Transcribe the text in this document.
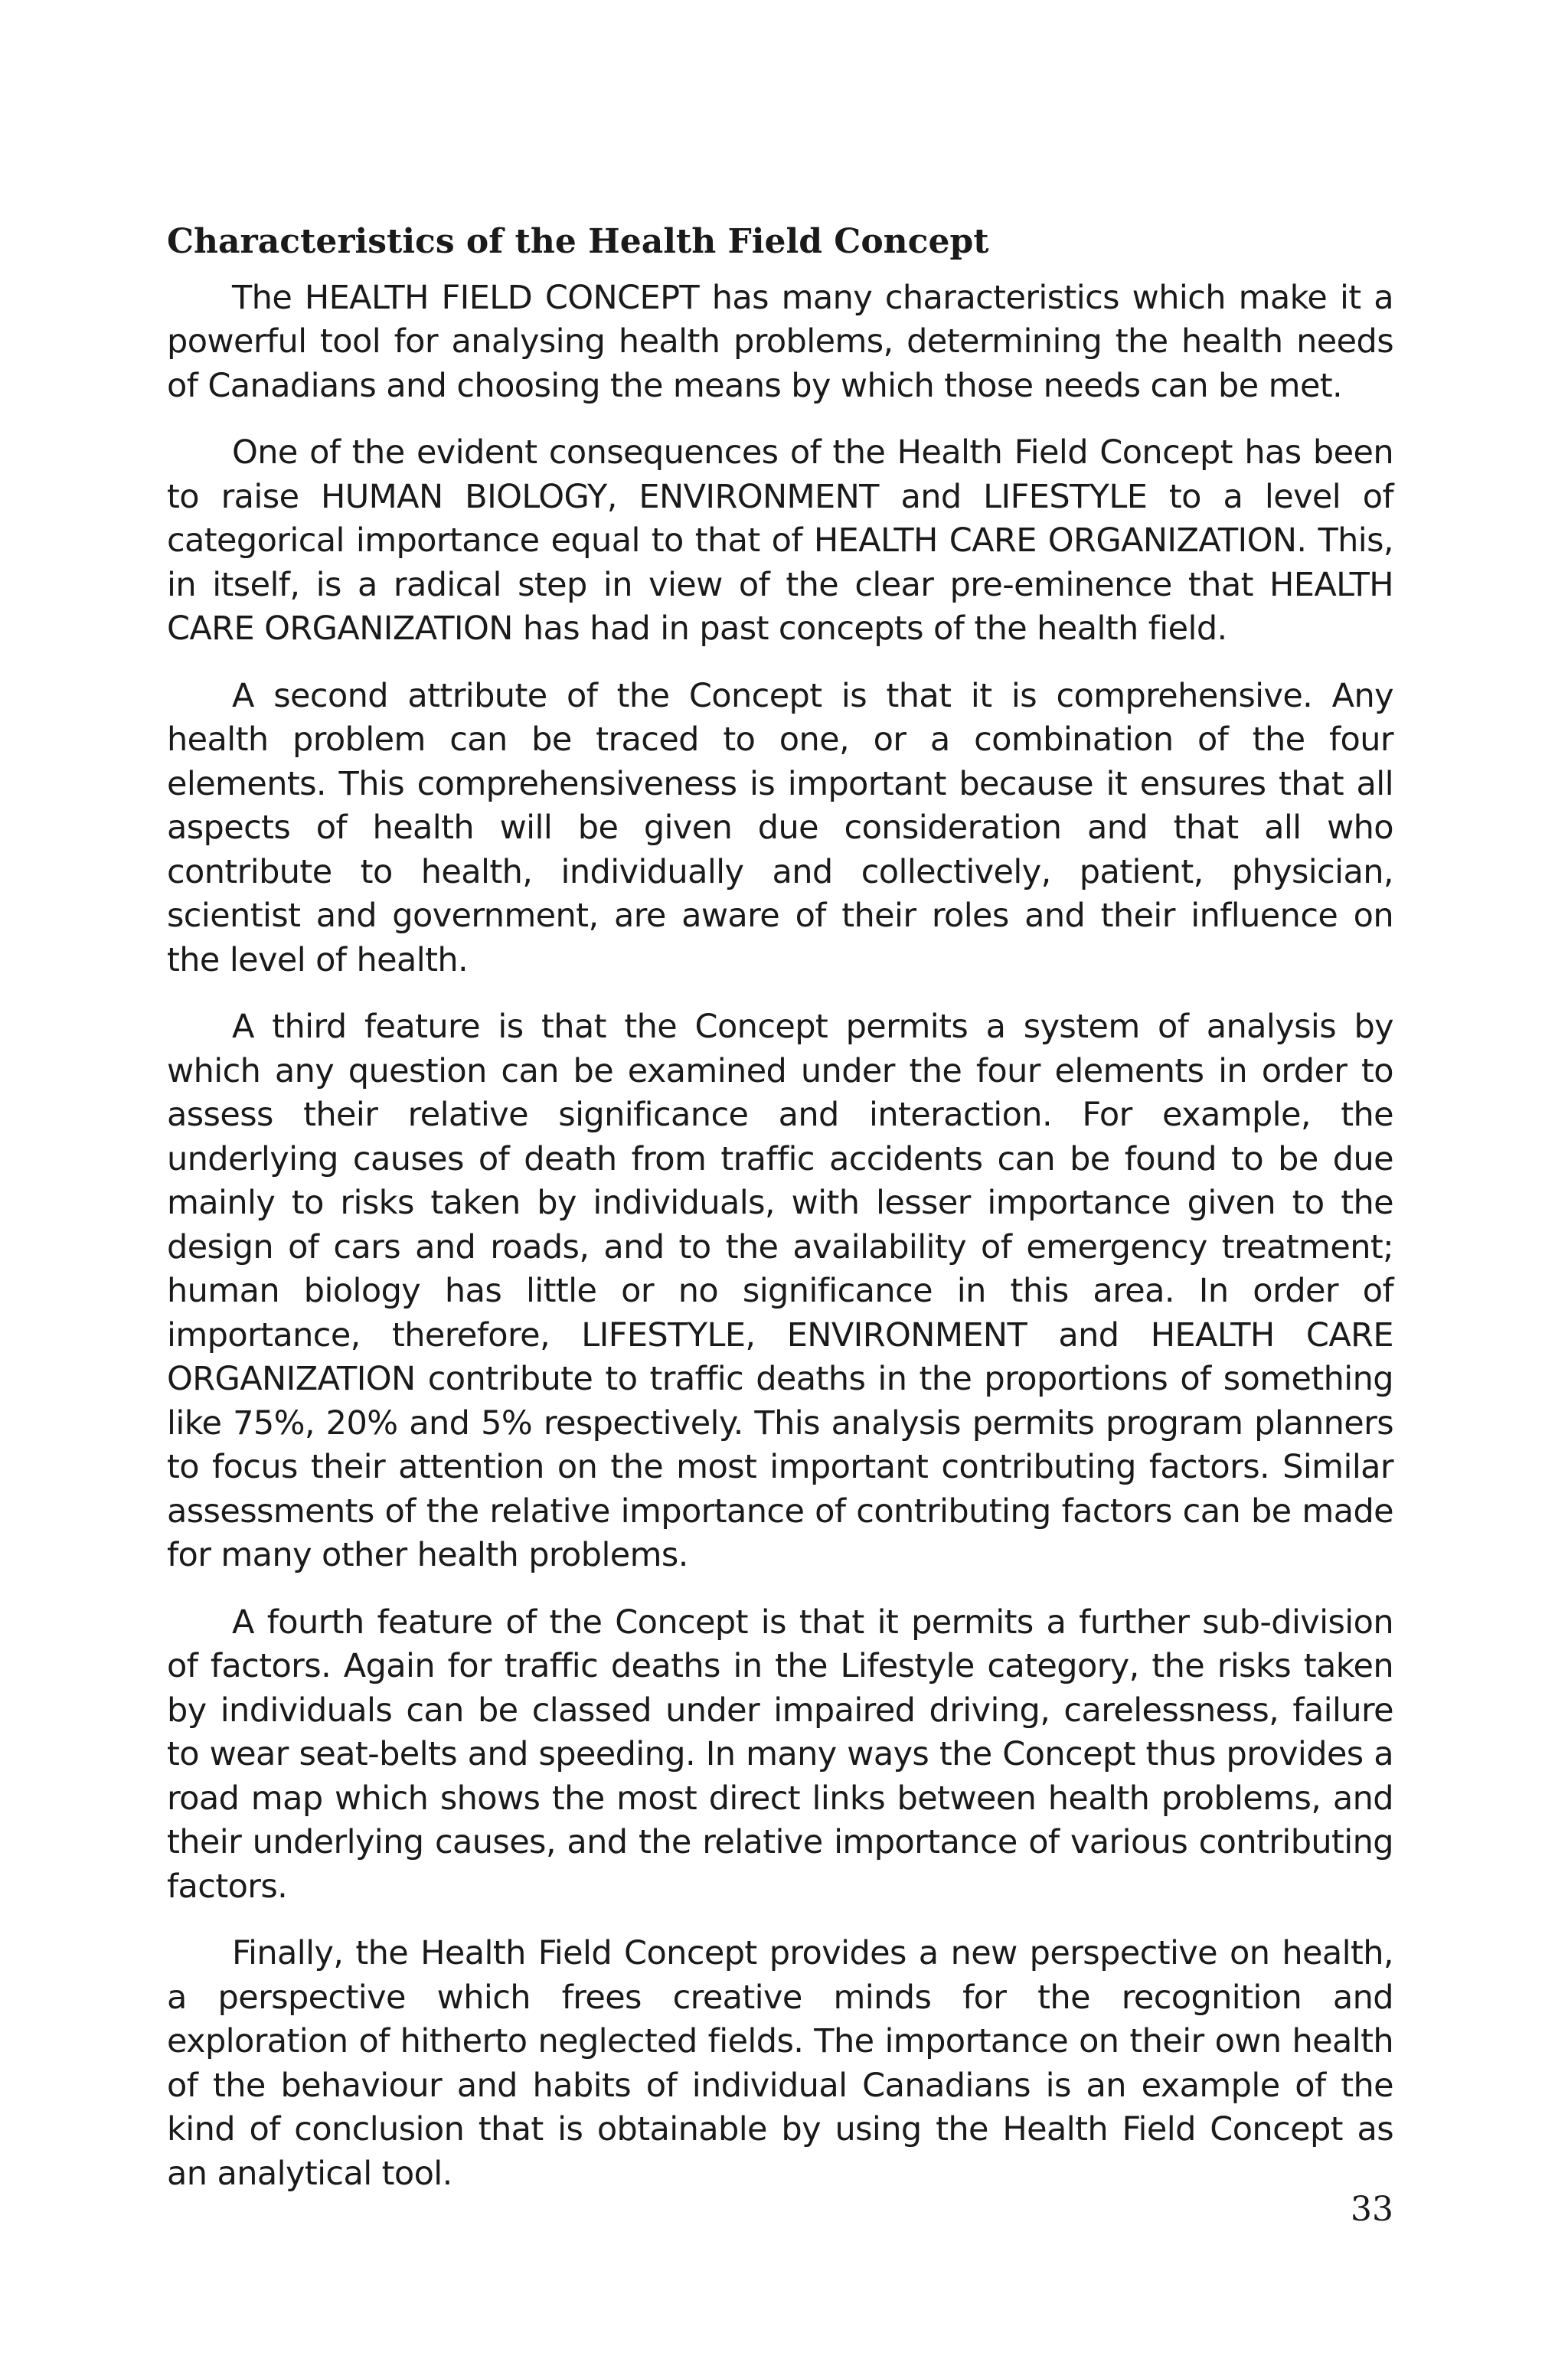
Characteristics of the Health Field Concept

The HEALTH FIELD CONCEPT has many characteristics which make it a powerful tool for analysing health problems, determining the health needs of Canadians and choosing the means by which those needs can be met.

One of the evident consequences of the Health Field Concept has been to raise HUMAN BIOLOGY, ENVIRONMENT and LIFESTYLE to a level of categorical importance equal to that of HEALTH CARE ORGANIZATION. This, in itself, is a radical step in view of the clear pre-eminence that HEALTH CARE ORGANIZATION has had in past concepts of the health field.

A second attribute of the Concept is that it is comprehensive. Any health problem can be traced to one, or a combination of the four elements. This comprehensiveness is important because it ensures that all aspects of health will be given due consideration and that all who contribute to health, individually and collectively, patient, physician, scientist and government, are aware of their roles and their influence on the level of health.

A third feature is that the Concept permits a system of analysis by which any question can be examined under the four elements in order to assess their relative significance and interaction. For example, the underlying causes of death from traffic accidents can be found to be due mainly to risks taken by individuals, with lesser importance given to the design of cars and roads, and to the availability of emergency treatment; human biology has little or no significance in this area. In order of importance, therefore, LIFESTYLE, ENVIRONMENT and HEALTH CARE ORGANIZATION contribute to traffic deaths in the proportions of something like 75%, 20% and 5% respectively. This analysis permits program planners to focus their attention on the most important contributing factors. Similar assessments of the relative importance of contributing factors can be made for many other health problems.

A fourth feature of the Concept is that it permits a further sub-division of factors. Again for traffic deaths in the Lifestyle category, the risks taken by individuals can be classed under impaired driving, carelessness, failure to wear seat-belts and speeding. In many ways the Concept thus provides a road map which shows the most direct links between health problems, and their underlying causes, and the relative importance of various contributing factors.

Finally, the Health Field Concept provides a new perspective on health, a perspective which frees creative minds for the recognition and exploration of hitherto neglected fields. The importance on their own health of the behaviour and habits of individual Canadians is an example of the kind of conclusion that is obtainable by using the Health Field Concept as an analytical tool.

33
